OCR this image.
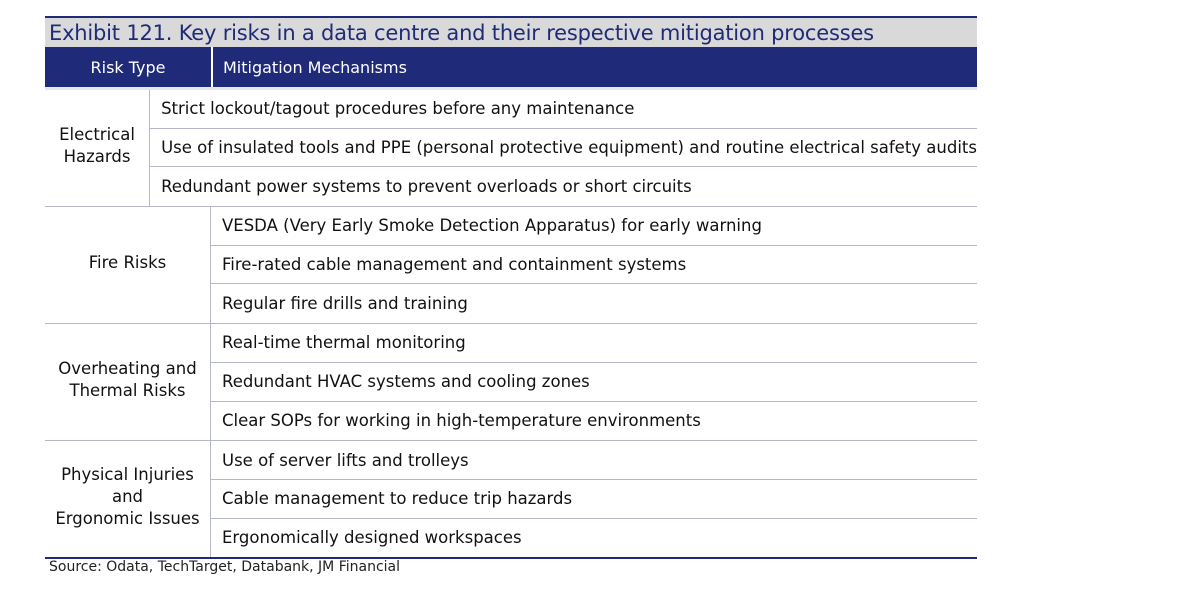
Exhibit 121. Key risks in a data centre and their respective mitigation processes
Risk Type	Mitigation Mechanisms
Electrical Hazards
Strict lockout/tagout procedures before any maintenance
Use of insulated tools and PPE (personal protective equipment) and routine electrical safety audits
Redundant power systems to prevent overloads or short circuits
Fire Risks
VESDA (Very Early Smoke Detection Apparatus) for early warning
Fire-rated cable management and containment systems
Regular fire drills and training
Overheating and
Thermal Risks
Real-time thermal monitoring
Redundant HVAC systems and cooling zones
Clear SOPs for working in high-temperature environments
Physical Injuries and
Ergonomic Issues
Use of server lifts and trolleys
Cable management to reduce trip hazards
Ergonomically designed workspaces
Source: Odata, TechTarget, Databank, JM Financial
